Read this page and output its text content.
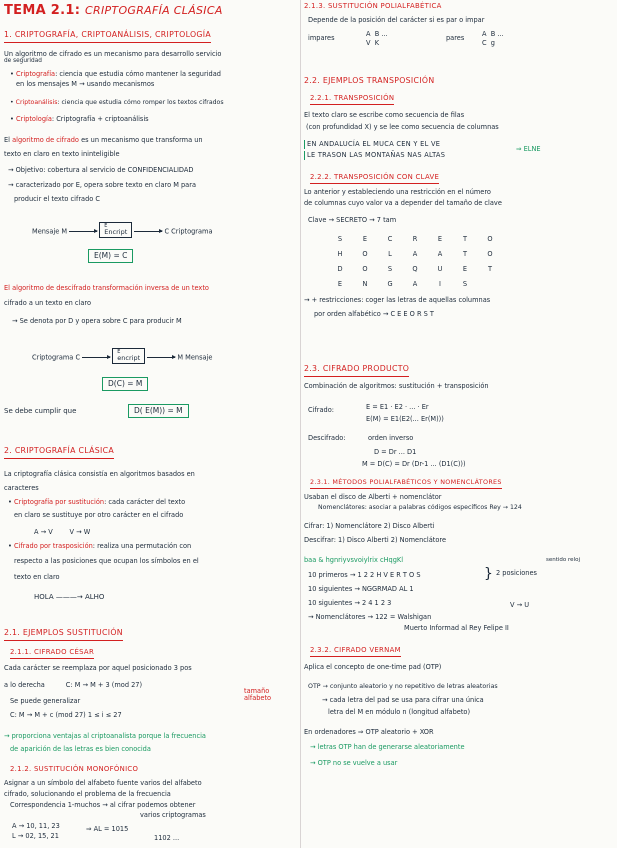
TEMA 2.1: CRIPTOGRAFÍA CLÁSICA
1. CRIPTOGRAFÍA, CRIPTOANÁLISIS, CRIPTOLOGÍA
Un algoritmo de cifrado es un mecanismo para desarrollo servicio
de seguridad
• Criptografía: ciencia que estudia cómo mantener la seguridad
en los mensajes M → usando mecanismos
• Criptoanálisis: ciencia que estudia cómo romper los textos cifrados
• Criptología: Criptografía + criptoanálisis
El algoritmo de cifrado es un mecanismo que transforma un
texto en claro en texto ininteligible
→ Objetivo: cobertura al servicio de CONFIDENCIALIDAD
→ caracterizado por E, opera sobre texto en claro M para
producir el texto cifrado C
Mensaje M
E
Encript	C Criptograma
E(M) = C
El algoritmo de descifrado transformación inversa de un texto
cifrado a un texto en claro
→ Se denota por D y opera sobre C para producir M
Criptograma C
E
encript	M Mensaje
D(C) = M
Se debe cumplir que	D( E(M)) = M
2. CRIPTOGRAFÍA CLÁSICA
La criptografía clásica consistía en algoritmos basados en
caracteres
• Criptografía por sustitución: cada carácter del texto
en claro se sustituye por otro carácter en el cifrado
A → V        V → W
• Cifrado por trasposición: realiza una permutación con
respecto a las posiciones que ocupan los símbolos en el
texto en claro
HOLA ———→ ALHO
2.1. EJEMPLOS SUSTITUCIÓN
2.1.1. CIFRADO CÉSAR
Cada carácter se reemplaza por aquel posicionado 3 pos
a lo derecha          C: M → M + 3 (mod 27)
Se puede generalizar
C: M → M + c (mod 27) 1 ≤ i ≤ 27
tamaño alfabeto
→ proporciona ventajas al criptoanalista porque la frecuencia
de aparición de las letras es bien conocida
2.1.2. SUSTITUCIÓN MONOFÓNICO
Asignar a un símbolo del alfabeto fuente varios del alfabeto
cifrado, solucionando el problema de la frecuencia
Correspondencia 1-muchos → al cifrar podemos obtener
varios criptogramas
A → 10, 11, 23
L → 02, 15, 21
⇒ AL = 1015
1102 ...
2.1.3. SUSTITUCIÓN POLIALFABÉTICA
Depende de la posición del carácter si es par o impar
impares	A  B ...
V  K
pares	A  B ...
C  g
2.2. EJEMPLOS TRANSPOSICIÓN
2.2.1. TRANSPOSICIÓN
El texto claro se escribe como secuencia de filas
(con profundidad X) y se lee como secuencia de columnas
EN ANDALUCÍA EL MUCA CEN Y EL VE
LE TRASON LAS MONTAÑAS NAS ALTAS
⇒ ELNE
2.2.2. TRANSPOSICIÓN CON CLAVE
Lo anterior y estableciendo una restricción en el número
de columnas cuyo valor va a depender del tamaño de clave
Clave → SECRETO → 7 tam
S	E	C	R	E	T	O
H	O	L	A	A	T	O
D	O	S	Q	U	E	T
E	N	G	A	I	S
→ + restricciones: coger las letras de aquellas columnas
por orden alfabético → C E E O R S T
2.3. CIFRADO PRODUCTO
Combinación de algoritmos: sustitución + transposición
Cifrado:	E = E1 · E2 · ... · Er
E(M) = E1(E2(... Er(M)))
Descifrado:	orden inverso
D = Dr ... D1
M = D(C) = Dr (Dr-1 ... (D1(C)))
2.3.1. MÉTODOS POLIALFABÉTICOS Y NOMENCLÁTORES
Usaban el disco de Alberti + nomenclátor
Nomenclátores: asociar a palabras códigos específicos Rey → 124
Cifrar: 1) Nomenclátore 2) Disco Alberti
Descifrar: 1) Disco Alberti 2) Nomenclátore
baa & hgnriyvsvoiylrix cHqgKl
10 primeros → 1 2 2 H V E R T O S
10 siguientes → NGGRMAD AL 1
10 siguientes → 2 4 1 2 3
→ Nomenclátores → 122 = Walshigan
Muerto Informad al Rey Felipe II
} 2 posiciones
sentido reloj
V → U
2.3.2. CIFRADO VERNAM
Aplica el concepto de one-time pad (OTP)
OTP → conjunto aleatorio y no repetitivo de letras aleatorias
→ cada letra del pad se usa para cifrar una única
letra del M en módulo n (longitud alfabeto)
En ordenadores ⇒ OTP aleatorio + XOR
→ letras OTP han de generarse aleatoriamente
→ OTP no se vuelve a usar
